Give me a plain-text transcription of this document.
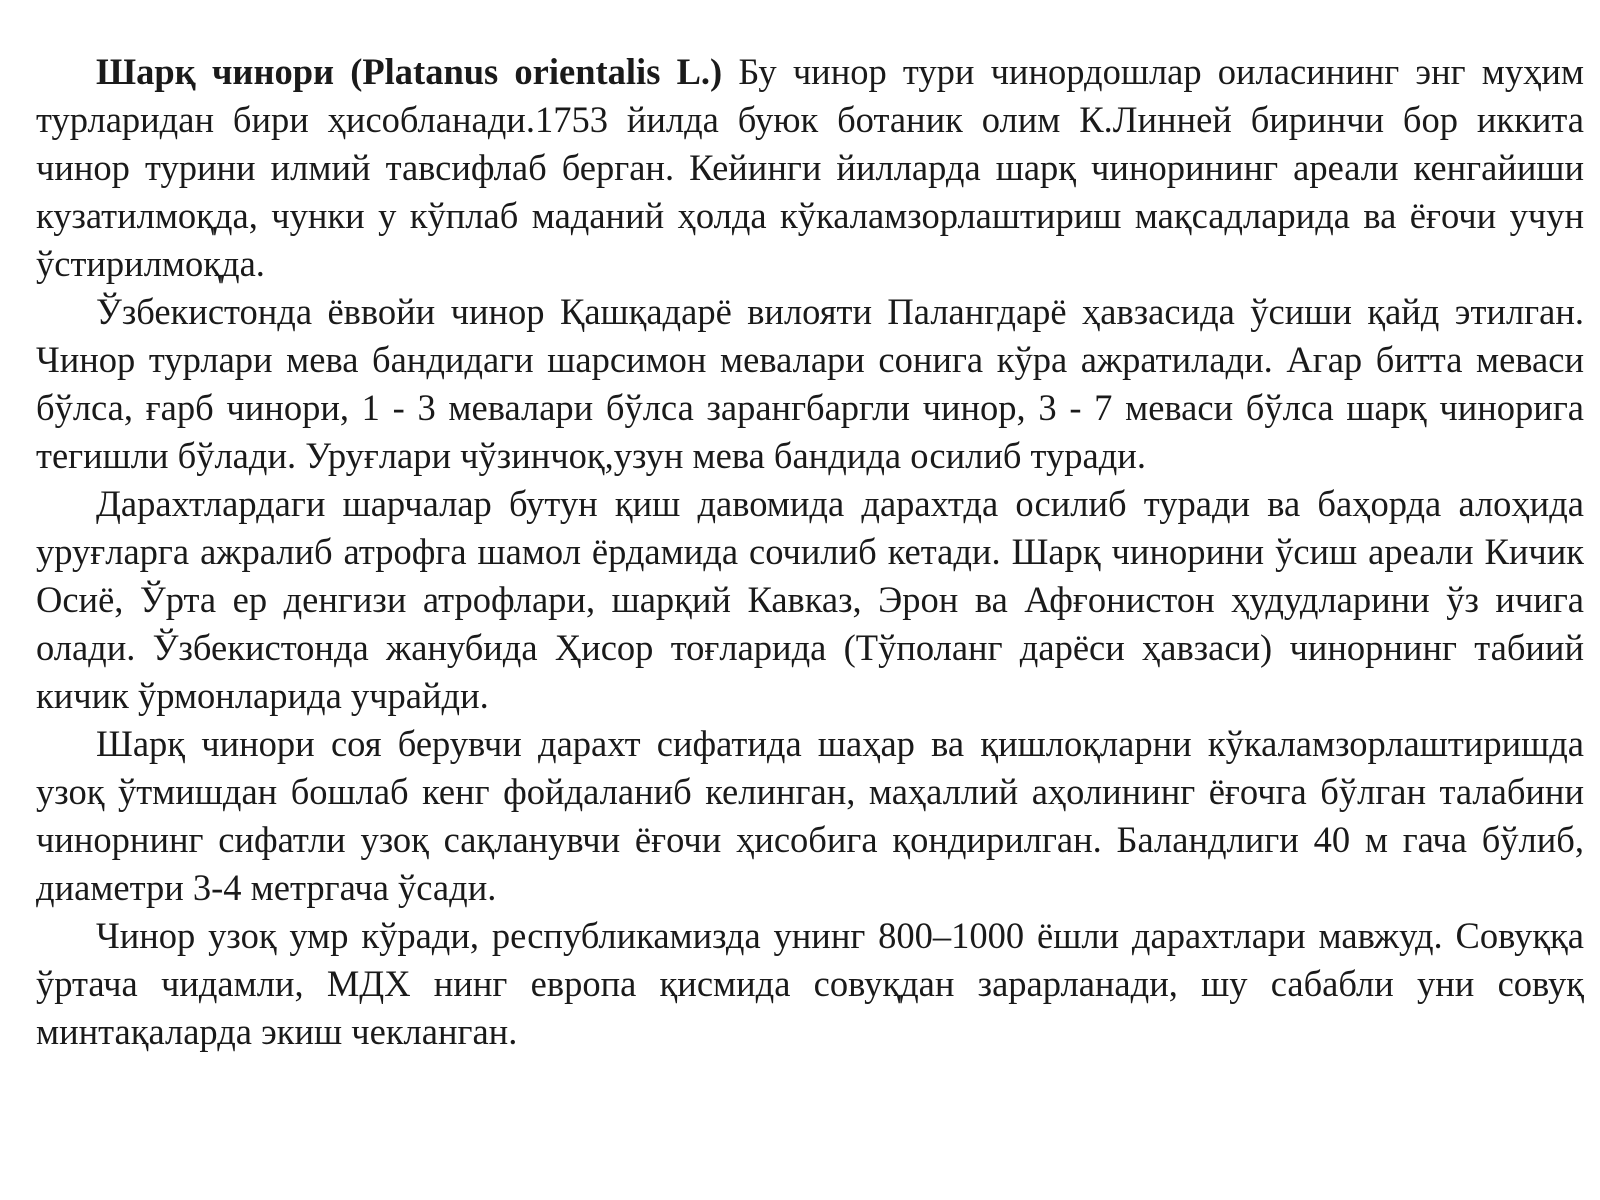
Шарқ чинори (Platanus orientalis L.) Бу чинор тури чинордошлар оиласининг энг муҳим турларидан бири ҳисобланади.1753 йилда буюк ботаник олим К.Линней биринчи бор иккита чинор турини илмий тавсифлаб берган. Кейинги йилларда шарқ чинорининг ареали кенгайиши кузатилмоқда, чунки у кўплаб маданий ҳолда кўкаламзорлаштириш мақсадларида ва ёғочи учун ўстирилмоқда.

Ўзбекистонда ёввойи чинор Қашқадарё вилояти Палангдарё ҳавзасида ўсиши қайд этилган. Чинор турлари мева бандидаги шарсимон мевалари сонига кўра ажратилади. Агар битта меваси бўлса, ғарб чинори, 1 - 3 мевалари бўлса зарангбаргли чинор, 3 - 7 меваси бўлса шарқ чинорига тегишли бўлади. Уруғлари чўзинчоқ,узун мева бандида осилиб туради.

Дарахтлардаги шарчалар бутун қиш давомида дарахтда осилиб туради ва баҳорда алоҳида уруғларга ажралиб атрофга шамол ёрдамида сочилиб кетади. Шарқ чинорини ўсиш ареали Кичик Осиё, Ўрта ер денгизи атрофлари, шарқий Кавказ, Эрон ва Афғонистон ҳудудларини ўз ичига олади. Ўзбекистонда жанубида Ҳисор тоғларида (Тўполанг дарёси ҳавзаси) чинорнинг табиий кичик ўрмонларида учрайди.

Шарқ чинори соя берувчи дарахт сифатида шаҳар ва қишлоқларни кўкаламзорлаштиришда узоқ ўтмишдан бошлаб кенг фойдаланиб келинган, маҳаллий аҳолининг ёғочга бўлган талабини чинорнинг сифатли узоқ сақланувчи ёғочи ҳисобига қондирилган. Баландлиги 40 м гача бўлиб, диаметри 3-4 метргача ўсади.

Чинор узоқ умр кўради, республикамизда унинг 800–1000 ёшли дарахтлари мавжуд. Совуққа ўртача чидамли, МДХ нинг европа қисмида совуқдан зарарланади, шу сабабли уни совуқ минтақаларда экиш чекланган.
